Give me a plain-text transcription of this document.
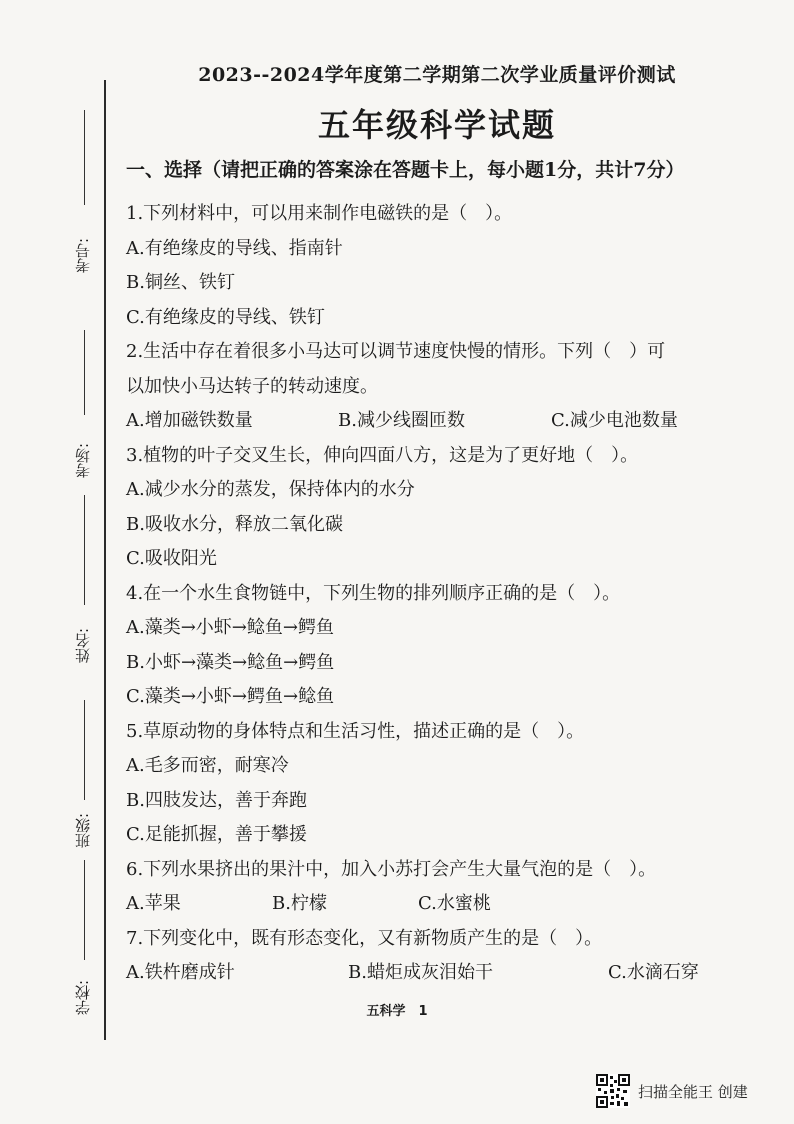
考号:
考场:
姓名:
班级:
学校:
2023--2024学年度第二学期第二次学业质量评价测试
五年级科学试题
一、选择（请把正确的答案涂在答题卡上，每小题1分，共计7分）
1.下列材料中，可以用来制作电磁铁的是（　）。
A.有绝缘皮的导线、指南针
B.铜丝、铁钉
C.有绝缘皮的导线、铁钉
2.生活中存在着很多小马达可以调节速度快慢的情形。下列（　）可
以加快小马达转子的转动速度。
A.增加磁铁数量	B.减少线圈匝数	C.减少电池数量
3.植物的叶子交叉生长，伸向四面八方，这是为了更好地（　）。
A.减少水分的蒸发，保持体内的水分
B.吸收水分，释放二氧化碳
C.吸收阳光
4.在一个水生食物链中，下列生物的排列顺序正确的是（　）。
A.藻类→小虾→鲶鱼→鳄鱼
B.小虾→藻类→鲶鱼→鳄鱼
C.藻类→小虾→鳄鱼→鲶鱼
5.草原动物的身体特点和生活习性，描述正确的是（　）。
A.毛多而密，耐寒冷
B.四肢发达，善于奔跑
C.足能抓握，善于攀援
6.下列水果挤出的果汁中，加入小苏打会产生大量气泡的是（　）。
A.苹果	B.柠檬	C.水蜜桃
7.下列变化中，既有形态变化，又有新物质产生的是（　）。
A.铁杵磨成针	B.蜡炬成灰泪始干	C.水滴石穿
五科学　1
扫描全能王 创建
